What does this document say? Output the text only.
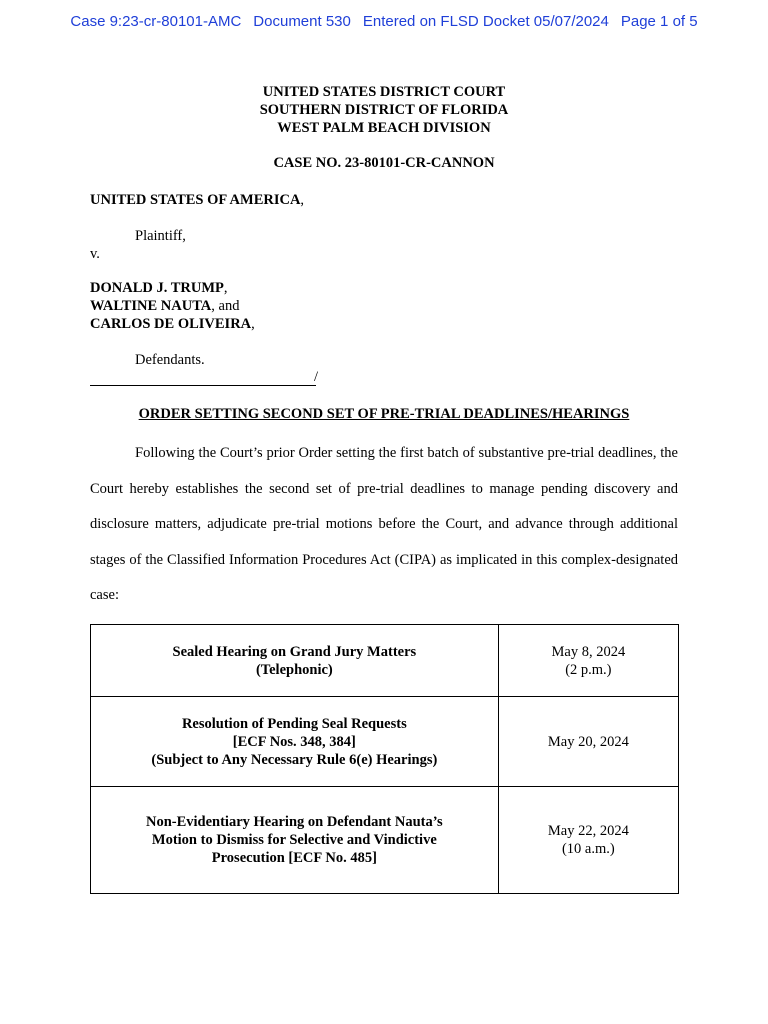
Case 9:23-cr-80101-AMC Document 530 Entered on FLSD Docket 05/07/2024 Page 1 of 5
UNITED STATES DISTRICT COURT
SOUTHERN DISTRICT OF FLORIDA
WEST PALM BEACH DIVISION
CASE NO. 23-80101-CR-CANNON
UNITED STATES OF AMERICA,
Plaintiff,
v.
DONALD J. TRUMP,
WALTINE NAUTA, and
CARLOS DE OLIVEIRA,
Defendants.
/
ORDER SETTING SECOND SET OF PRE-TRIAL DEADLINES/HEARINGS

Following the Court’s prior Order setting the first batch of substantive pre-trial deadlines, the Court hereby establishes the second set of pre-trial deadlines to manage pending discovery and disclosure matters, adjudicate pre-trial motions before the Court, and advance through additional stages of the Classified Information Procedures Act (CIPA) as implicated in this complex-designated case:

Sealed Hearing on Grand Jury Matters
(Telephonic)	May 8, 2024
(2 p.m.)

Resolution of Pending Seal Requests
[ECF Nos. 348, 384]
(Subject to Any Necessary Rule 6(e) Hearings)	May 20, 2024

Non-Evidentiary Hearing on Defendant Nauta’s
Motion to Dismiss for Selective and Vindictive
Prosecution [ECF No. 485]	May 22, 2024
(10 a.m.)
